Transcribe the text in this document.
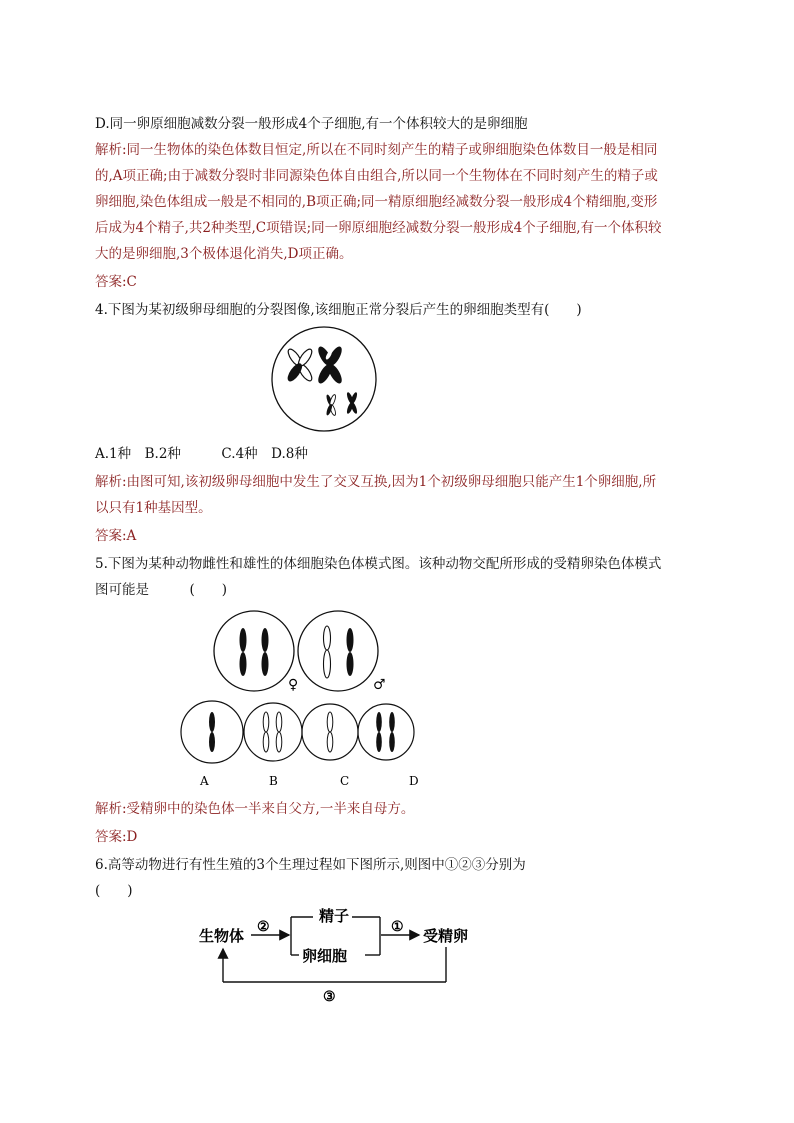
D.同一卵原细胞减数分裂一般形成4个子细胞,有一个体积较大的是卵细胞
解析:同一生物体的染色体数目恒定,所以在不同时刻产生的精子或卵细胞染色体数目一般是相同
的,A项正确;由于减数分裂时非同源染色体自由组合,所以同一个生物体在不同时刻产生的精子或
卵细胞,染色体组成一般是不相同的,B项正确;同一精原细胞经减数分裂一般形成4个精细胞,变形
后成为4个精子,共2种类型,C项错误;同一卵原细胞经减数分裂一般形成4个子细胞,有一个体积较
大的是卵细胞,3个极体退化消失,D项正确。
答案:C
4.下图为某初级卵母细胞的分裂图像,该细胞正常分裂后产生的卵细胞类型有(　　)
A.1种　B.2种　　　C.4种　D.8种
解析:由图可知,该初级卵母细胞中发生了交叉互换,因为1个初级卵母细胞只能产生1个卵细胞,所
以只有1种基因型。
答案:A
5.下图为某种动物雌性和雄性的体细胞染色体模式图。该种动物交配所形成的受精卵染色体模式
图可能是　　　(　　)
♀	♂
A	B	C	D
解析:受精卵中的染色体一半来自父方,一半来自母方。
答案:D
6.高等动物进行有性生殖的3个生理过程如下图所示,则图中①②③分别为
(　　)
生物体 ②
精子
卵细胞
① 受精卵
③
